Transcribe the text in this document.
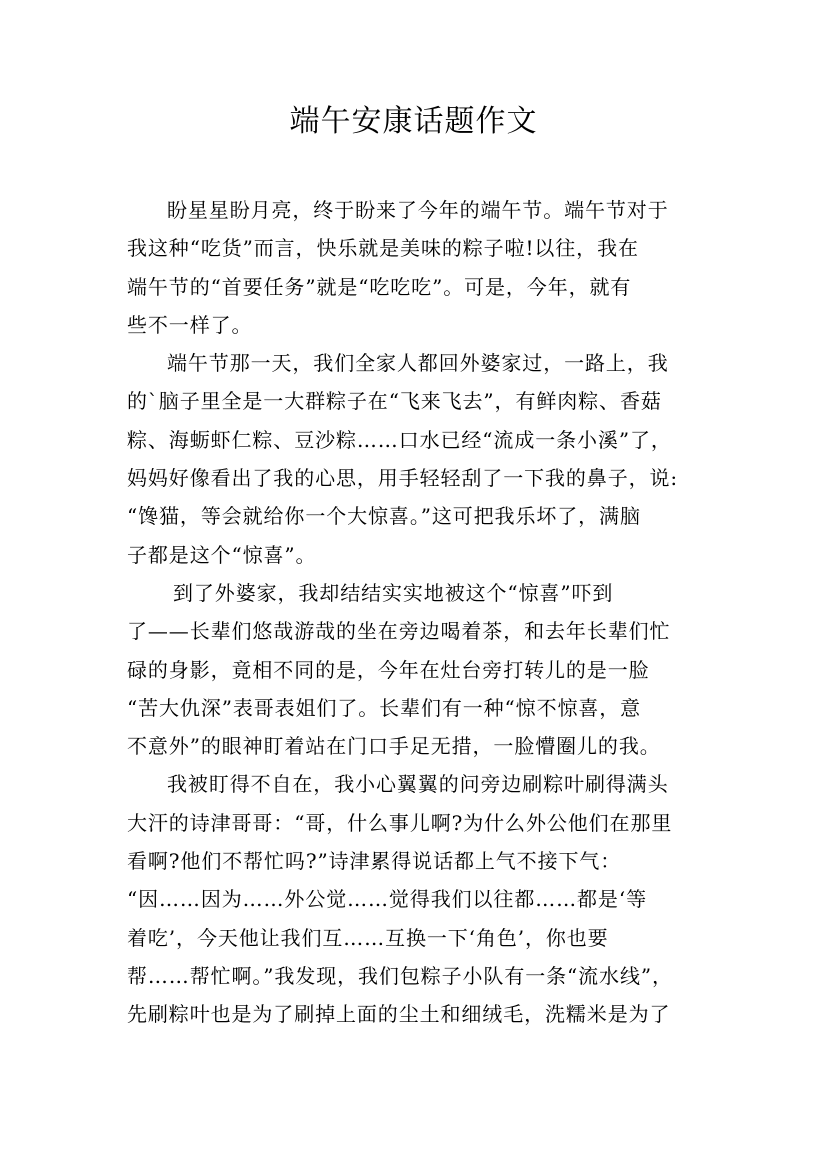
端午安康话题作文
盼星星盼月亮，终于盼来了今年的端午节。端午节对于
我这种“吃货”而言，快乐就是美味的粽子啦!以往，我在
端午节的“首要任务”就是“吃吃吃”。可是，今年，就有
些不一样了。
端午节那一天，我们全家人都回外婆家过，一路上，我
的`脑子里全是一大群粽子在“飞来飞去”，有鲜肉粽、香菇
粽、海蛎虾仁粽、豆沙粽……口水已经“流成一条小溪”了，
妈妈好像看出了我的心思，用手轻轻刮了一下我的鼻子，说:
“馋猫，等会就给你一个大惊喜。”这可把我乐坏了，满脑
子都是这个“惊喜”。
到了外婆家，我却结结实实地被这个“惊喜”吓到
了——长辈们悠哉游哉的坐在旁边喝着茶，和去年长辈们忙
碌的身影，竟相不同的是，今年在灶台旁打转儿的是一脸
“苦大仇深”表哥表姐们了。长辈们有一种“惊不惊喜，意
不意外”的眼神盯着站在门口手足无措，一脸懵圈儿的我。
我被盯得不自在，我小心翼翼的问旁边刷粽叶刷得满头
大汗的诗津哥哥：“哥，什么事儿啊?为什么外公他们在那里
看啊?他们不帮忙吗?”诗津累得说话都上气不接下气：
“因……因为……外公觉……觉得我们以往都……都是‘等
着吃’，今天他让我们互……互换一下‘角色’，你也要
帮……帮忙啊。”我发现，我们包粽子小队有一条“流水线”，
先刷粽叶也是为了刷掉上面的尘土和细绒毛，洗糯米是为了
